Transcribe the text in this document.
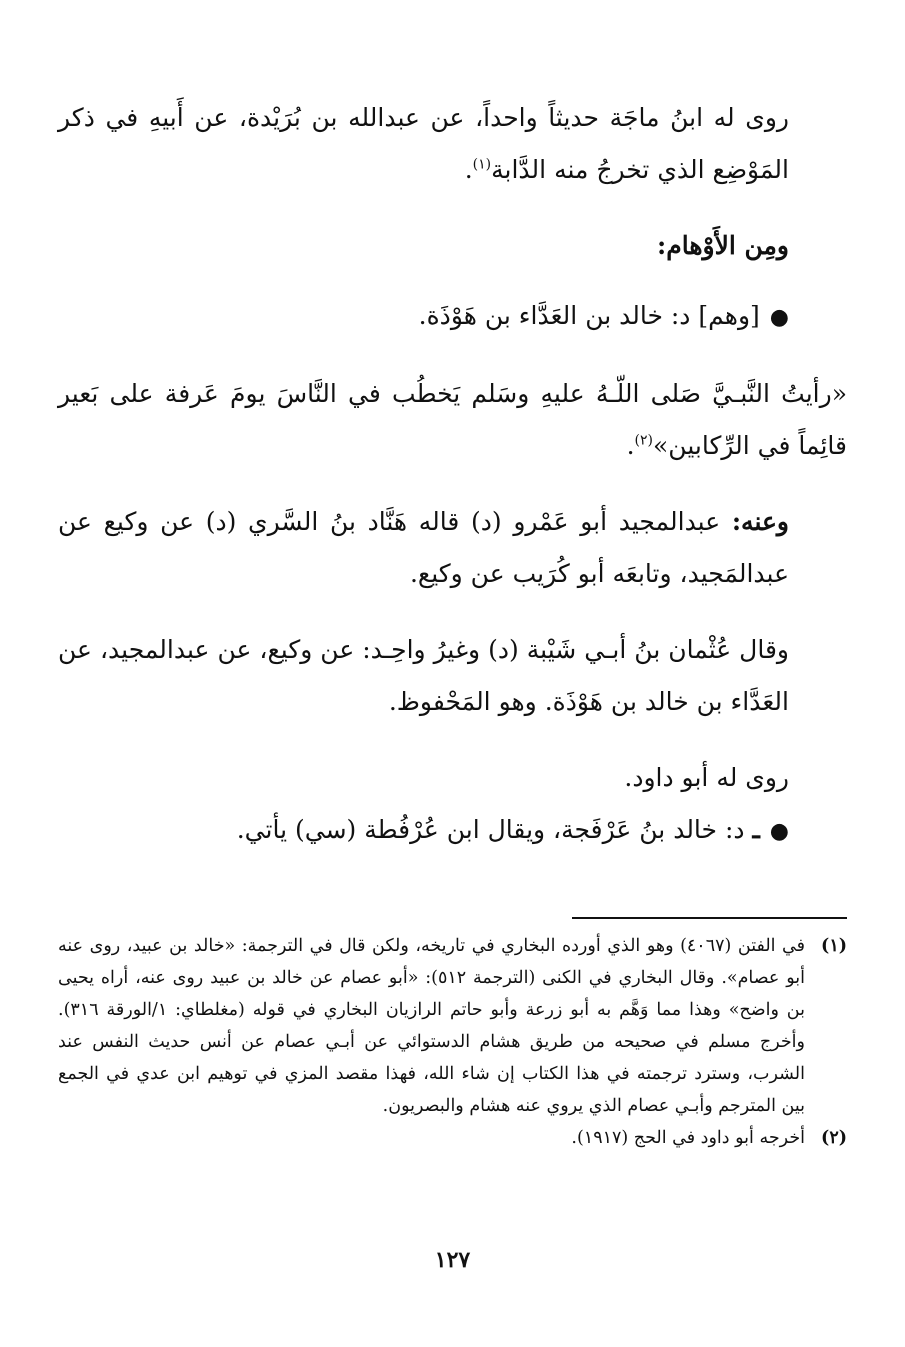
روى له ابنُ ماجَة حديثاً واحداً، عن عبدالله بن بُرَيْدة، عن أَبيهِ في ذكر المَوْضِع الذي تخرجُ منه الدَّابة$^{(١)}$.

ومِن الأَوْهام:

●[وهم] د: خالد بن العَدَّاء بن هَوْذَة.

«رأيتُ النَّبـيَّ صَلى اللّـهُ عليهِ وسَلم يَخطُب في النَّاسَ يومَ عَرفة على بَعير قائِماً في الرِّكابين»$^{(٢)}$.

وعنه: عبدالمجيد أبو عَمْرو (د) قاله هَنَّاد بنُ السَّري (د) عن وكيع عن عبدالمَجيد، وتابعَه أبو كُرَيب عن وكيع.

وقال عُثْمان بنُ أبـي شَيْبة (د) وغيرُ واحِـد: عن وكيع، عن عبدالمجيد، عن العَدَّاء بن خالد بن هَوْذَة. وهو المَحْفوظ.

روى له أبو داود.

●ـ د: خالد بنُ عَرْفَجة، ويقال ابن عُرْفُطة (سي) يأتي.

(١)
في الفتن (٤٠٦٧) وهو الذي أورده البخاري في تاريخه، ولكن قال في الترجمة: «خالد بن عبيد، روى عنه أبو عصام». وقال البخاري في الكنى (الترجمة ٥١٢): «أبو عصام عن خالد بن عبيد روى عنه، أراه يحيى بن واضح» وهذا مما وَهَّم به أبو زرعة وأبو حاتم الرازيان البخاري في قوله (مغلطاي: ١/الورقة ٣١٦). وأخرج مسلم في صحيحه من طريق هشام الدستوائي عن أبـي عصام عن أنس حديث النفس عند الشرب، وسترد ترجمته في هذا الكتاب إن شاء الله، فهذا مقصد المزي في توهيم ابن عدي في الجمع بين المترجم وأبـي عصام الذي يروي عنه هشام والبصريون.

(٢)
أخرجه أبو داود في الحج (١٩١٧).

١٢٧
